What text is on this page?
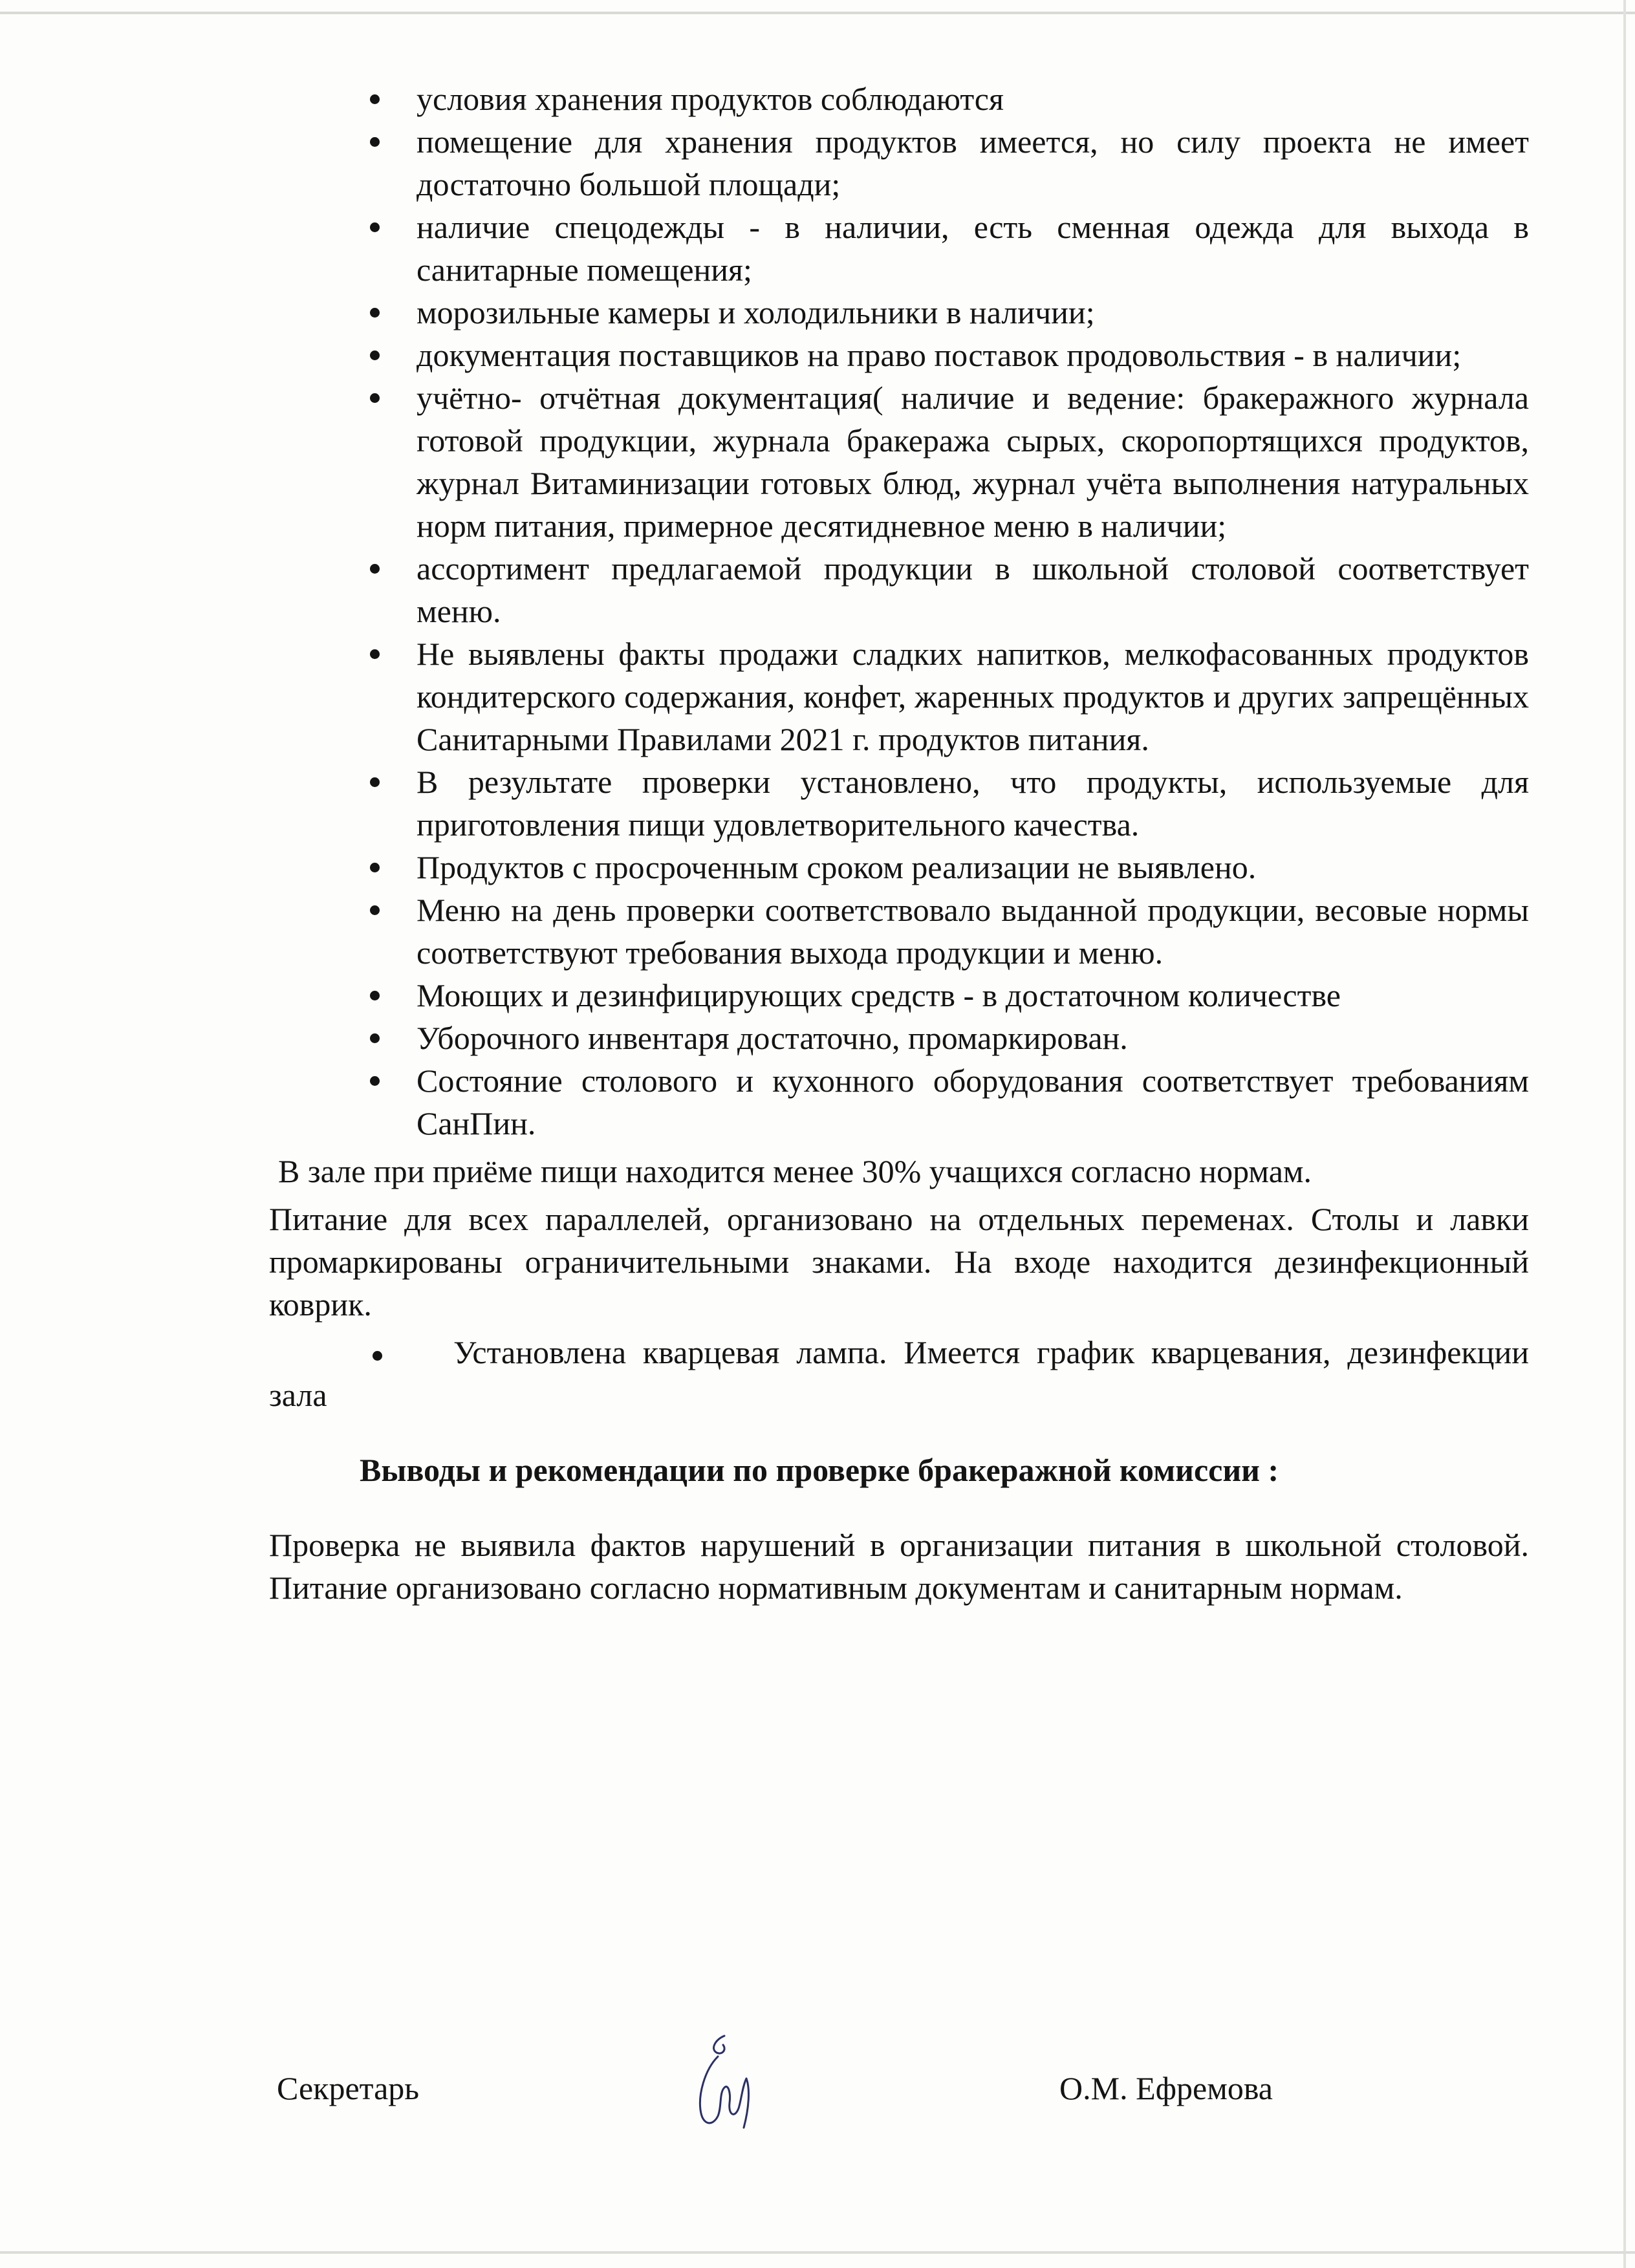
условия хранения продуктов соблюдаются
помещение для хранения продуктов имеется, но силу проекта не имеет достаточно большой площади;
наличие спецодежды - в наличии, есть сменная одежда для выхода в санитарные помещения;
морозильные камеры и холодильники в наличии;
документация поставщиков на право поставок продовольствия - в наличии;
учётно- отчётная документация( наличие и ведение: бракеражного журнала готовой продукции, журнала бракеража сырых, скоропортящихся продуктов, журнал Витаминизации готовых блюд, журнал учёта выполнения натуральных норм питания, примерное десятидневное меню в наличии;
ассортимент предлагаемой продукции в школьной столовой соответствует меню.
Не выявлены факты продажи сладких напитков, мелкофасованных продуктов кондитерского содержания, конфет, жаренных продуктов и других запрещённых Санитарными Правилами 2021 г. продуктов питания.
В результате проверки установлено, что продукты, используемые для приготовления пищи удовлетворительного качества.
Продуктов с просроченным сроком реализации не выявлено.
Меню на день проверки соответствовало выданной продукции, весовые нормы соответствуют требования выхода продукции и меню.
Моющих и дезинфицирующих средств - в достаточном количестве
Уборочного инвентаря достаточно, промаркирован.
Состояние столового и кухонного оборудования соответствует требованиям СанПин.

В зале при приёме пищи находится менее 30% учащихся согласно нормам.

Питание для всех параллелей, организовано на отдельных переменах. Столы и лавки промаркированы ограничительными знаками. На входе находится дезинфекционный коврик.

Установлена кварцевая лампа. Имеется график кварцевания, дезинфекции зала

Выводы и рекомендации по проверке бракеражной комиссии :

Проверка не выявила фактов нарушений в организации питания в школьной столовой. Питание организовано согласно нормативным документам и санитарным нормам.

Секретарь	О.М. Ефремова
